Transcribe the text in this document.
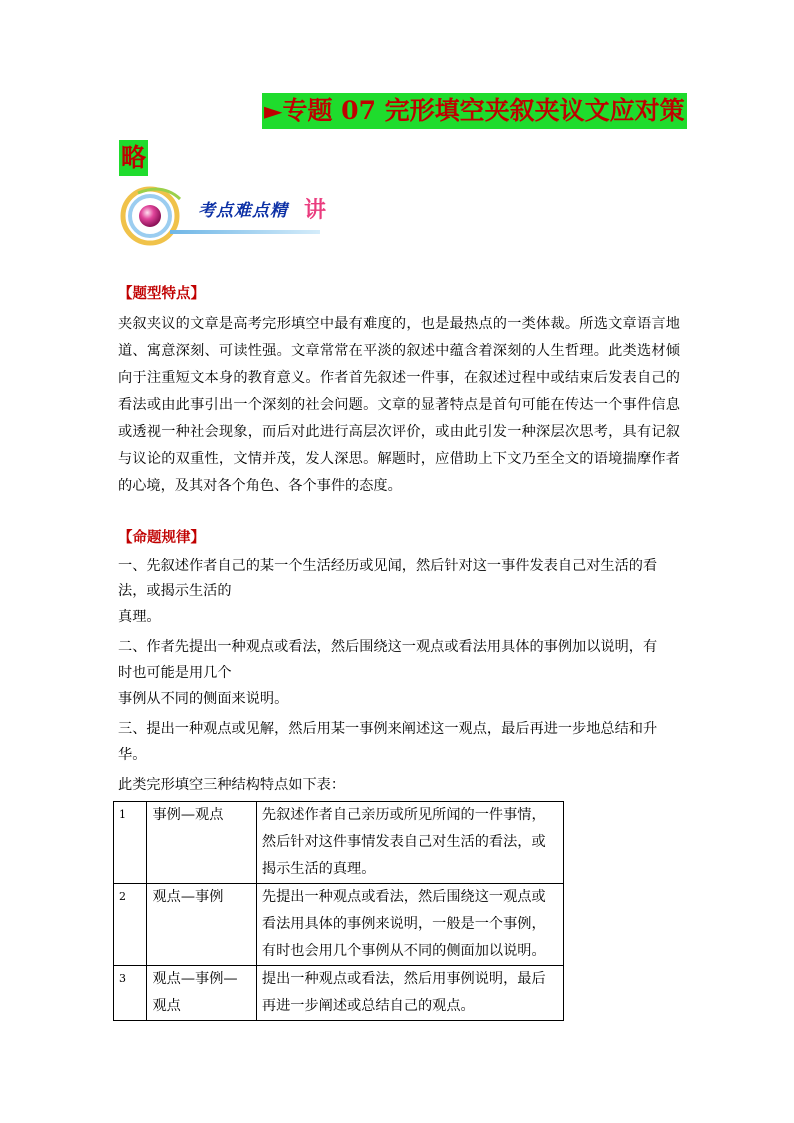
►专题 07 完形填空夹叙夹议文应对策
略
考点难点精 讲
【题型特点】
夹叙夹议的文章是高考完形填空中最有难度的，也是最热点的一类体裁。所选文章语言地道、寓意深刻、可读性强。文章常常在平淡的叙述中蕴含着深刻的人生哲理。此类选材倾向于注重短文本身的教育意义。作者首先叙述一件事，在叙述过程中或结束后发表自己的看法或由此事引出一个深刻的社会问题。文章的显著特点是首句可能在传达一个事件信息或透视一种社会现象，而后对此进行高层次评价，或由此引发一种深层次思考，具有记叙与议论的双重性，文情并茂，发人深思。解题时，应借助上下文乃至全文的语境揣摩作者的心境，及其对各个角色、各个事件的态度。
【命题规律】
一、先叙述作者自己的某一个生活经历或见闻，然后针对这一事件发表自己对生活的看
法，或揭示生活的
真理。
二、作者先提出一种观点或看法，然后围绕这一观点或看法用具体的事例加以说明，有
时也可能是用几个
事例从不同的侧面来说明。
三、提出一种观点或见解，然后用某一事例来阐述这一观点，最后再进一步地总结和升
华。
此类完形填空三种结构特点如下表：
1	事例—观点	先叙述作者自己亲历或所见所闻的一件事情，然后针对这件事情发表自己对生活的看法，或揭示生活的真理。
2	观点—事例	先提出一种观点或看法，然后围绕这一观点或看法用具体的事例来说明，一般是一个事例，有时也会用几个事例从不同的侧面加以说明。
3	观点—事例—观点	提出一种观点或看法，然后用事例说明，最后再进一步阐述或总结自己的观点。
